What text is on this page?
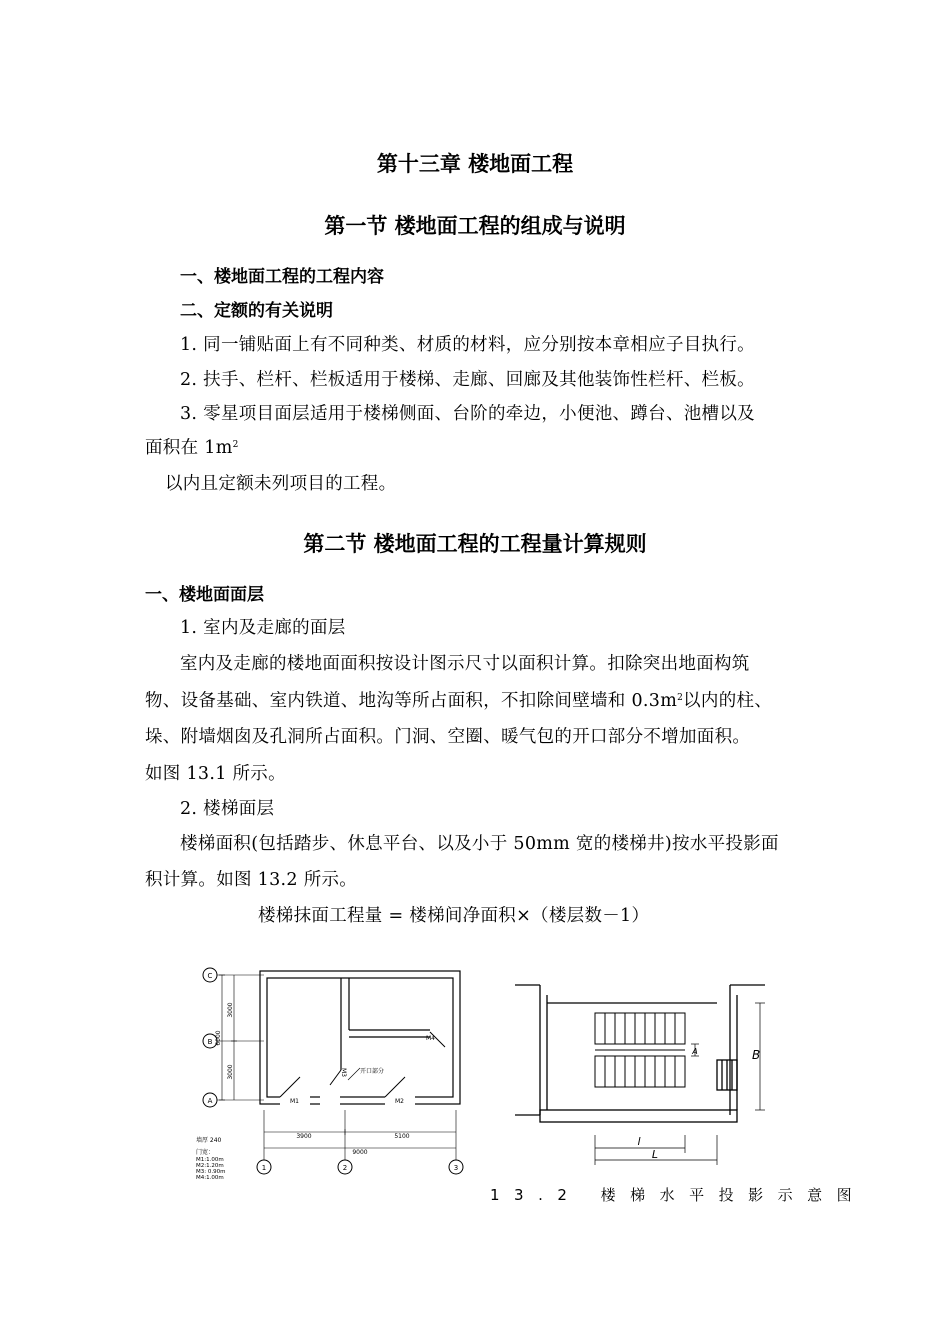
第十三章 楼地面工程
第一节 楼地面工程的组成与说明
一、楼地面工程的工程内容
二、定额的有关说明
1. 同一铺贴面上有不同种类、材质的材料，应分别按本章相应子目执行。
2. 扶手、栏杆、栏板适用于楼梯、走廊、回廊及其他装饰性栏杆、栏板。
3. 零星项目面层适用于楼梯侧面、台阶的牵边，小便池、蹲台、池槽以及
面积在 $1m^2$
以内且定额未列项目的工程。
第二节 楼地面工程的工程量计算规则
一、楼地面面层
1. 室内及走廊的面层
室内及走廊的楼地面面积按设计图示尺寸以面积计算。扣除突出地面构筑
物、设备基础、室内铁道、地沟等所占面积，不扣除间壁墙和 $0.3m^2$以内的柱、
垛、附墙烟囱及孔洞所占面积。门洞、空圈、暖气包的开口部分不增加面积。
如图 13.1 所示。
2. 楼梯面层
楼梯面积(包括踏步、休息平台、以及小于 50mm 宽的楼梯井)按水平投影面
积计算。如图 13.2 所示。
楼梯抹面工程量 = 楼梯间净面积×（楼层数－1）
C
B
A
1	2	3
6000
3000
3000
3900	5100
9000
墙厚 240
M1	M2
M3
M4
开口部分
门宽：
M1:1.00m
M2:1.20m
M3: 0.90m
M4:1.00m
B
A
l
L
13.2 楼梯水平投影示意图
